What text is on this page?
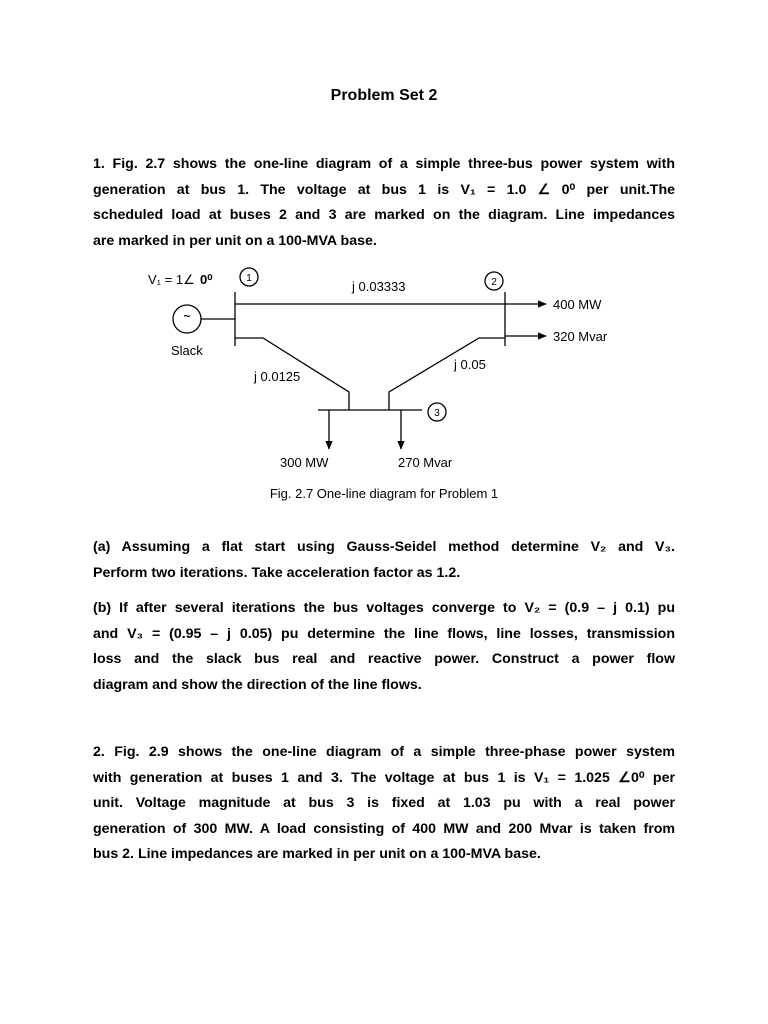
Problem Set 2
1. Fig. 2.7 shows the one-line diagram of a simple three-bus power system with
generation at bus 1. The voltage at bus 1 is V₁ = 1.0 ∠ 0⁰ per unit.The
scheduled load at buses 2 and 3 are marked on the diagram. Line impedances
are marked in per unit on a 100-MVA base.
~
1	2
3
V₁ = 1∠ 0⁰	j 0.03333
j 0.0125
j 0.05
Slack
400 MW
320 Mvar
300 MW	270 Mvar
Fig. 2.7 One-line diagram for Problem 1
(a) Assuming a flat start using Gauss-Seidel method determine V₂ and V₃.
Perform two iterations. Take acceleration factor as 1.2.
(b) If after several iterations the bus voltages converge to V₂ = (0.9 – j 0.1) pu
and V₃ = (0.95 – j 0.05) pu determine the line flows, line losses, transmission
loss and the slack bus real and reactive power. Construct a power flow
diagram and show the direction of the line flows.
2. Fig. 2.9 shows the one-line diagram of a simple three-phase power system
with generation at buses 1 and 3. The voltage at bus 1 is V₁ = 1.025 ∠0⁰ per
unit. Voltage magnitude at bus 3 is fixed at 1.03 pu with a real power
generation of 300 MW. A load consisting of 400 MW and 200 Mvar is taken from
bus 2. Line impedances are marked in per unit on a 100-MVA base.
